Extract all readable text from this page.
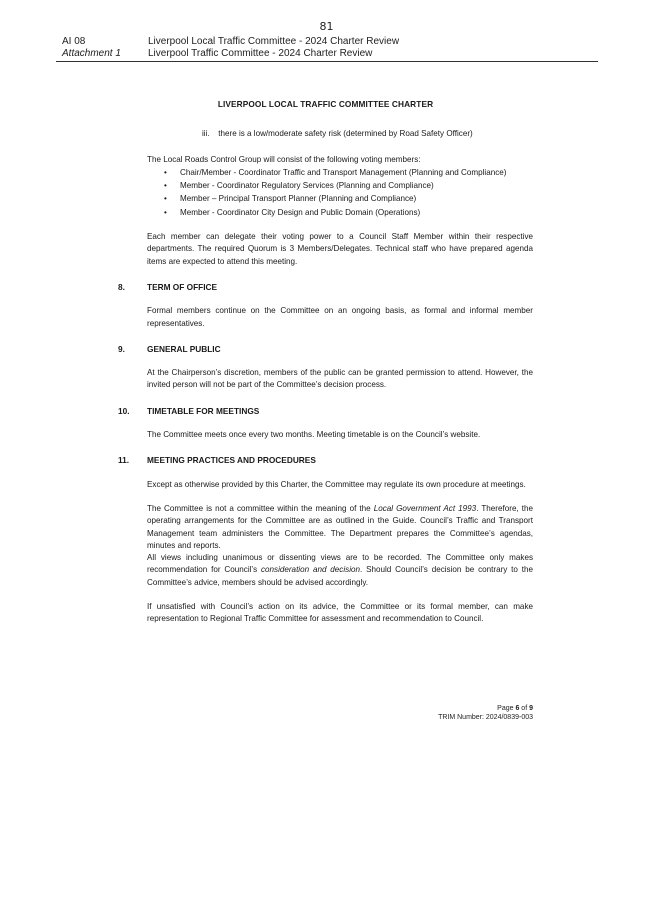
81
AI 08	Liverpool Local Traffic Committee - 2024 Charter Review
Attachment 1	Liverpool Traffic Committee - 2024 Charter Review
LIVERPOOL LOCAL TRAFFIC COMMITTEE CHARTER
iii. there is a low/moderate safety risk (determined by Road Safety Officer)
The Local Roads Control Group will consist of the following voting members:
• Chair/Member - Coordinator Traffic and Transport Management (Planning and Compliance)
• Member - Coordinator Regulatory Services (Planning and Compliance)
• Member – Principal Transport Planner (Planning and Compliance)
• Member - Coordinator City Design and Public Domain (Operations)
Each member can delegate their voting power to a Council Staff Member within their respective departments. The required Quorum is 3 Members/Delegates. Technical staff who have prepared agenda items are expected to attend this meeting.
8.	TERM OF OFFICE
Formal members continue on the Committee on an ongoing basis, as formal and informal member representatives.
9.	GENERAL PUBLIC
At the Chairperson’s discretion, members of the public can be granted permission to attend. However, the invited person will not be part of the Committee’s decision process.
10. TIMETABLE FOR MEETINGS
The Committee meets once every two months. Meeting timetable is on the Council’s website.
11. MEETING PRACTICES AND PROCEDURES
Except as otherwise provided by this Charter, the Committee may regulate its own procedure at meetings.
The Committee is not a committee within the meaning of the Local Government Act 1993. Therefore, the operating arrangements for the Committee are as outlined in the Guide. Council’s Traffic and Transport Management team administers the Committee. The Department prepares the Committee’s agendas, minutes and reports.
All views including unanimous or dissenting views are to be recorded. The Committee only makes recommendation for Council’s consideration and decision. Should Council’s decision be contrary to the Committee’s advice, members should be advised accordingly.
If unsatisfied with Council’s action on its advice, the Committee or its formal member, can make representation to Regional Traffic Committee for assessment and recommendation to Council.
Page 6 of 9
TRIM Number: 2024/0839-003
